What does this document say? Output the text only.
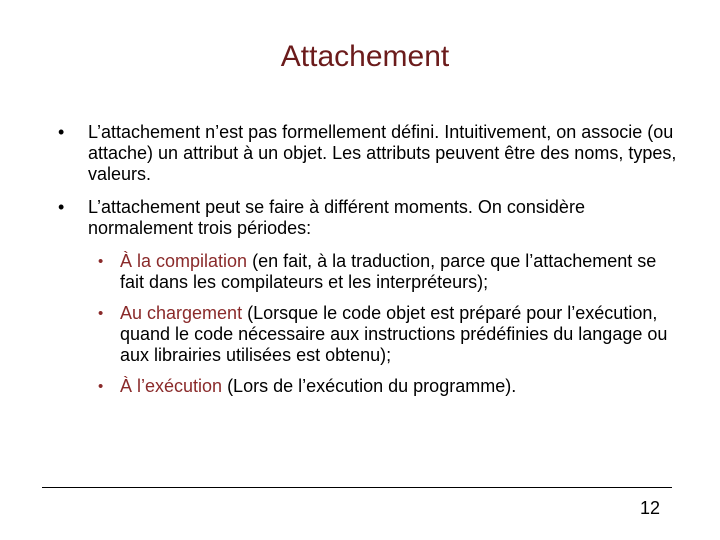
Attachement
• L’attachement n’est pas formellement défini. Intuitivement, on associe (ou attache) un attribut à un objet. Les attributs peuvent être des noms, types, valeurs.
• L’attachement peut se faire à différent moments. On considère normalement trois périodes:
• À la compilation (en fait, à la traduction, parce que l’attachement se fait dans les compilateurs et les interpréteurs);
• Au chargement (Lorsque le code objet est préparé pour l’exécution, quand le code nécessaire aux instructions prédéfinies du langage ou aux librairies utilisées est obtenu);
• À l’exécution (Lors de l’exécution du programme).
12
